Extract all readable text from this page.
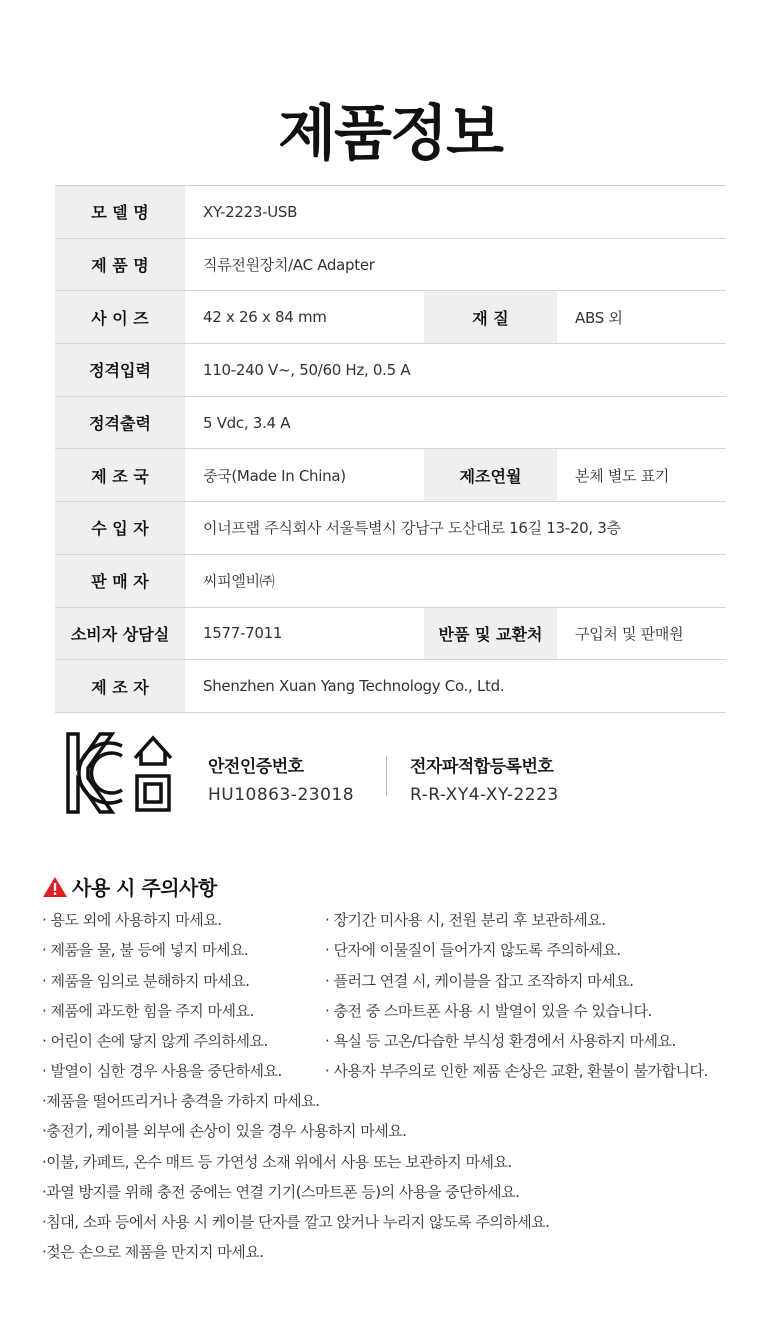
제품정보
모 델 명	XY-2223-USB		
제 품 명	직류전원장치/AC Adapter		
사 이 즈	42 x 26 x 84 mm	재 질	ABS 외
정격입력	110-240 V~, 50/60 Hz, 0.5 A		
정격출력	5 Vdc, 3.4 A		
제 조 국	중국(Made In China)	제조연월	본체 별도 표기
수 입 자	이너프랩 주식회사 서울특별시 강남구 도산대로 16길 13-20, 3층		
판 매 자	씨피엘비㈜		
소비자 상담실	1577-7011	반품 및 교환처	구입처 및 판매원
제 조 자	Shenzhen Xuan Yang Technology Co., Ltd.		
안전인증번호
HU10863-23018
전자파적합등록번호
R-R-XY4-XY-2223
사용 시 주의사항
· 용도 외에 사용하지 마세요.
· 제품을 물, 불 등에 넣지 마세요.
· 제품을 임의로 분해하지 마세요.
· 제품에 과도한 힘을 주지 마세요.
· 어린이 손에 닿지 않게 주의하세요.
· 발열이 심한 경우 사용을 중단하세요.
· 장기간 미사용 시, 전원 분리 후 보관하세요.
· 단자에 이물질이 들어가지 않도록 주의하세요.
· 플러그 연결 시, 케이블을 잡고 조작하지 마세요.
· 충전 중 스마트폰 사용 시 발열이 있을 수 있습니다.
· 욕실 등 고온/다습한 부식성 환경에서 사용하지 마세요.
· 사용자 부주의로 인한 제품 손상은 교환, 환불이 불가합니다.
·제품을 떨어뜨리거나 충격을 가하지 마세요.
·충전기, 케이블 외부에 손상이 있을 경우 사용하지 마세요.
·이불, 카페트, 온수 매트 등 가연성 소재 위에서 사용 또는 보관하지 마세요.
·과열 방지를 위해 충전 중에는 연결 기기(스마트폰 등)의 사용을 중단하세요.
·침대, 소파 등에서 사용 시 케이블 단자를 깔고 앉거나 누리지 않도록 주의하세요.
·젖은 손으로 제품을 만지지 마세요.
